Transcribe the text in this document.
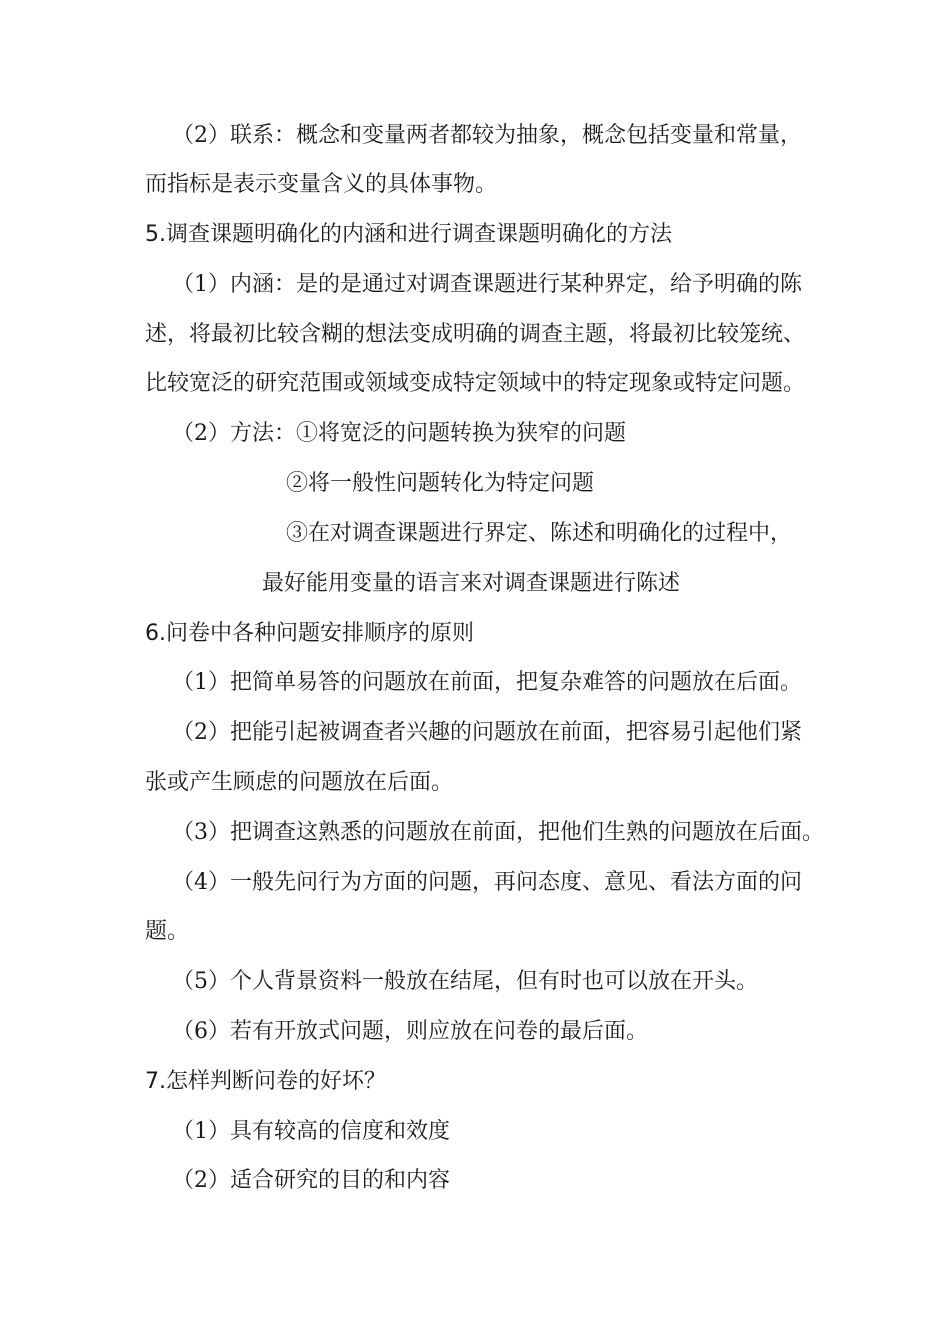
（2）联系：概念和变量两者都较为抽象，概念包括变量和常量，
而指标是表示变量含义的具体事物。
5.调查课题明确化的内涵和进行调查课题明确化的方法
（1）内涵：是的是通过对调查课题进行某种界定，给予明确的陈
述，将最初比较含糊的想法变成明确的调查主题，将最初比较笼统、
比较宽泛的研究范围或领域变成特定领域中的特定现象或特定问题。
（2）方法：①将宽泛的问题转换为狭窄的问题
②将一般性问题转化为特定问题
③在对调查课题进行界定、陈述和明确化的过程中，
最好能用变量的语言来对调查课题进行陈述
6.问卷中各种问题安排顺序的原则
（1）把简单易答的问题放在前面，把复杂难答的问题放在后面。
（2）把能引起被调查者兴趣的问题放在前面，把容易引起他们紧
张或产生顾虑的问题放在后面。
（3）把调查这熟悉的问题放在前面，把他们生熟的问题放在后面。
（4）一般先问行为方面的问题，再问态度、意见、看法方面的问
题。
（5）个人背景资料一般放在结尾，但有时也可以放在开头。
（6）若有开放式问题，则应放在问卷的最后面。
7.怎样判断问卷的好坏？
（1）具有较高的信度和效度
（2）适合研究的目的和内容
